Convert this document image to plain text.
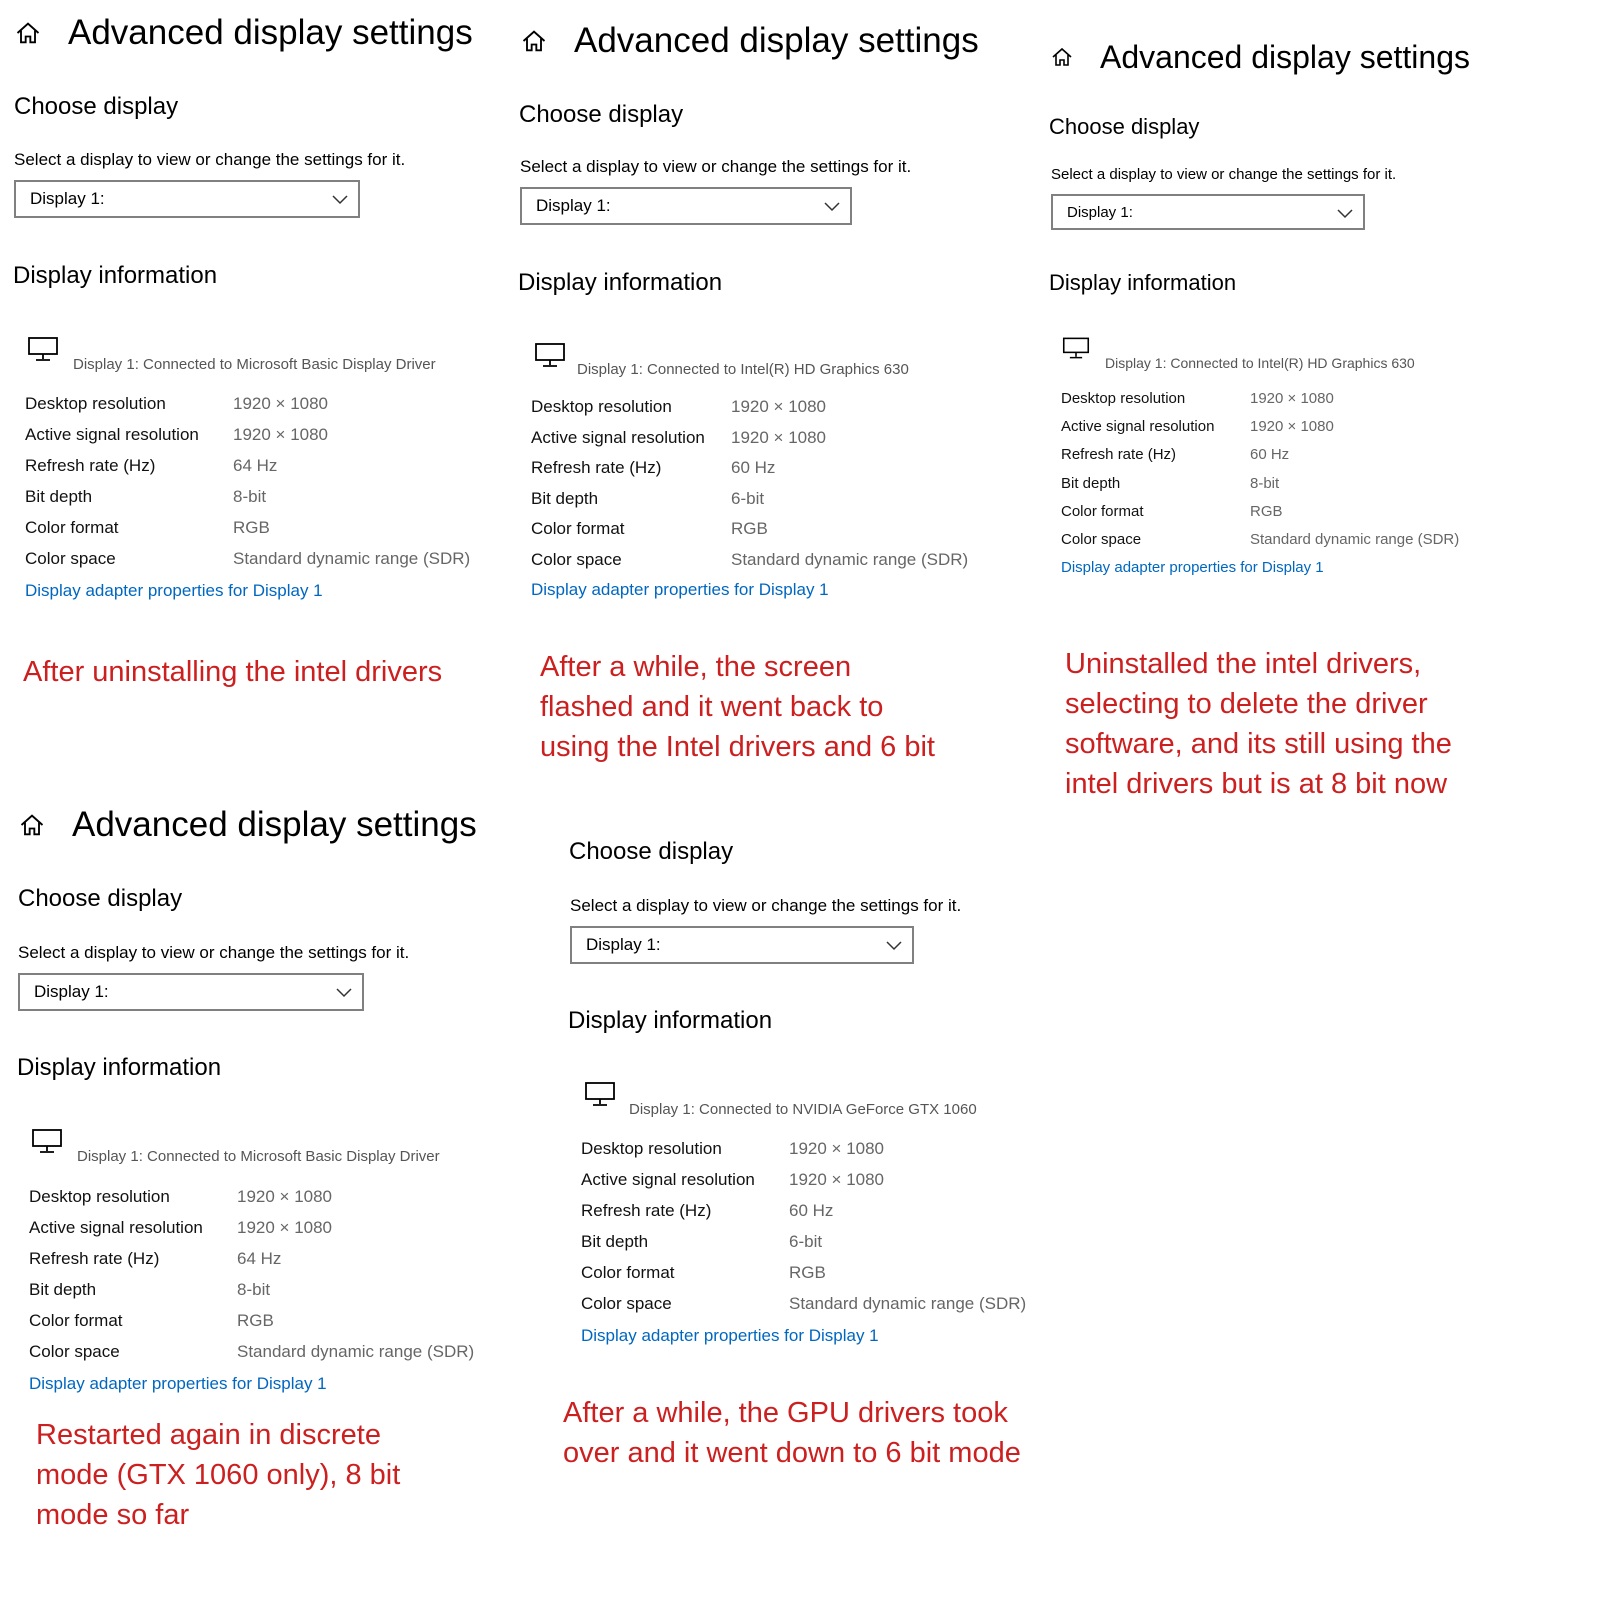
Advanced display settings
Choose display
Select a display to view or change the settings for it.
Display 1:
Display information
Display 1: Connected to Microsoft Basic Display Driver
Desktop resolution	1920 × 1080
Active signal resolution	1920 × 1080
Refresh rate (Hz)	64 Hz
Bit depth	8-bit
Color format	RGB
Color space	Standard dynamic range (SDR)
Display adapter properties for Display 1
After uninstalling the intel drivers
Advanced display settings
Choose display
Select a display to view or change the settings for it.
Display 1:
Display information
Display 1: Connected to Intel(R) HD Graphics 630
Desktop resolution	1920 × 1080
Active signal resolution	1920 × 1080
Refresh rate (Hz)	60 Hz
Bit depth	6-bit
Color format	RGB
Color space	Standard dynamic range (SDR)
Display adapter properties for Display 1
After a while, the screen
flashed and it went back to
using the Intel drivers and 6 bit
Advanced display settings
Choose display
Select a display to view or change the settings for it.
Display 1:
Display information
Display 1: Connected to Intel(R) HD Graphics 630
Desktop resolution	1920 × 1080
Active signal resolution	1920 × 1080
Refresh rate (Hz)	60 Hz
Bit depth	8-bit
Color format	RGB
Color space	Standard dynamic range (SDR)
Display adapter properties for Display 1
Uninstalled the intel drivers,
selecting to delete the driver
software, and its still using the
intel drivers but is at 8 bit now
Advanced display settings
Choose display
Select a display to view or change the settings for it.
Display 1:
Display information
Display 1: Connected to Microsoft Basic Display Driver
Desktop resolution	1920 × 1080
Active signal resolution	1920 × 1080
Refresh rate (Hz)	64 Hz
Bit depth	8-bit
Color format	RGB
Color space	Standard dynamic range (SDR)
Display adapter properties for Display 1
Restarted again in discrete
mode (GTX 1060 only), 8 bit
mode so far
Choose display
Select a display to view or change the settings for it.
Display 1:
Display information
Display 1: Connected to NVIDIA GeForce GTX 1060
Desktop resolution	1920 × 1080
Active signal resolution	1920 × 1080
Refresh rate (Hz)	60 Hz
Bit depth	6-bit
Color format	RGB
Color space	Standard dynamic range (SDR)
Display adapter properties for Display 1
After a while, the GPU drivers took
over and it went down to 6 bit mode
